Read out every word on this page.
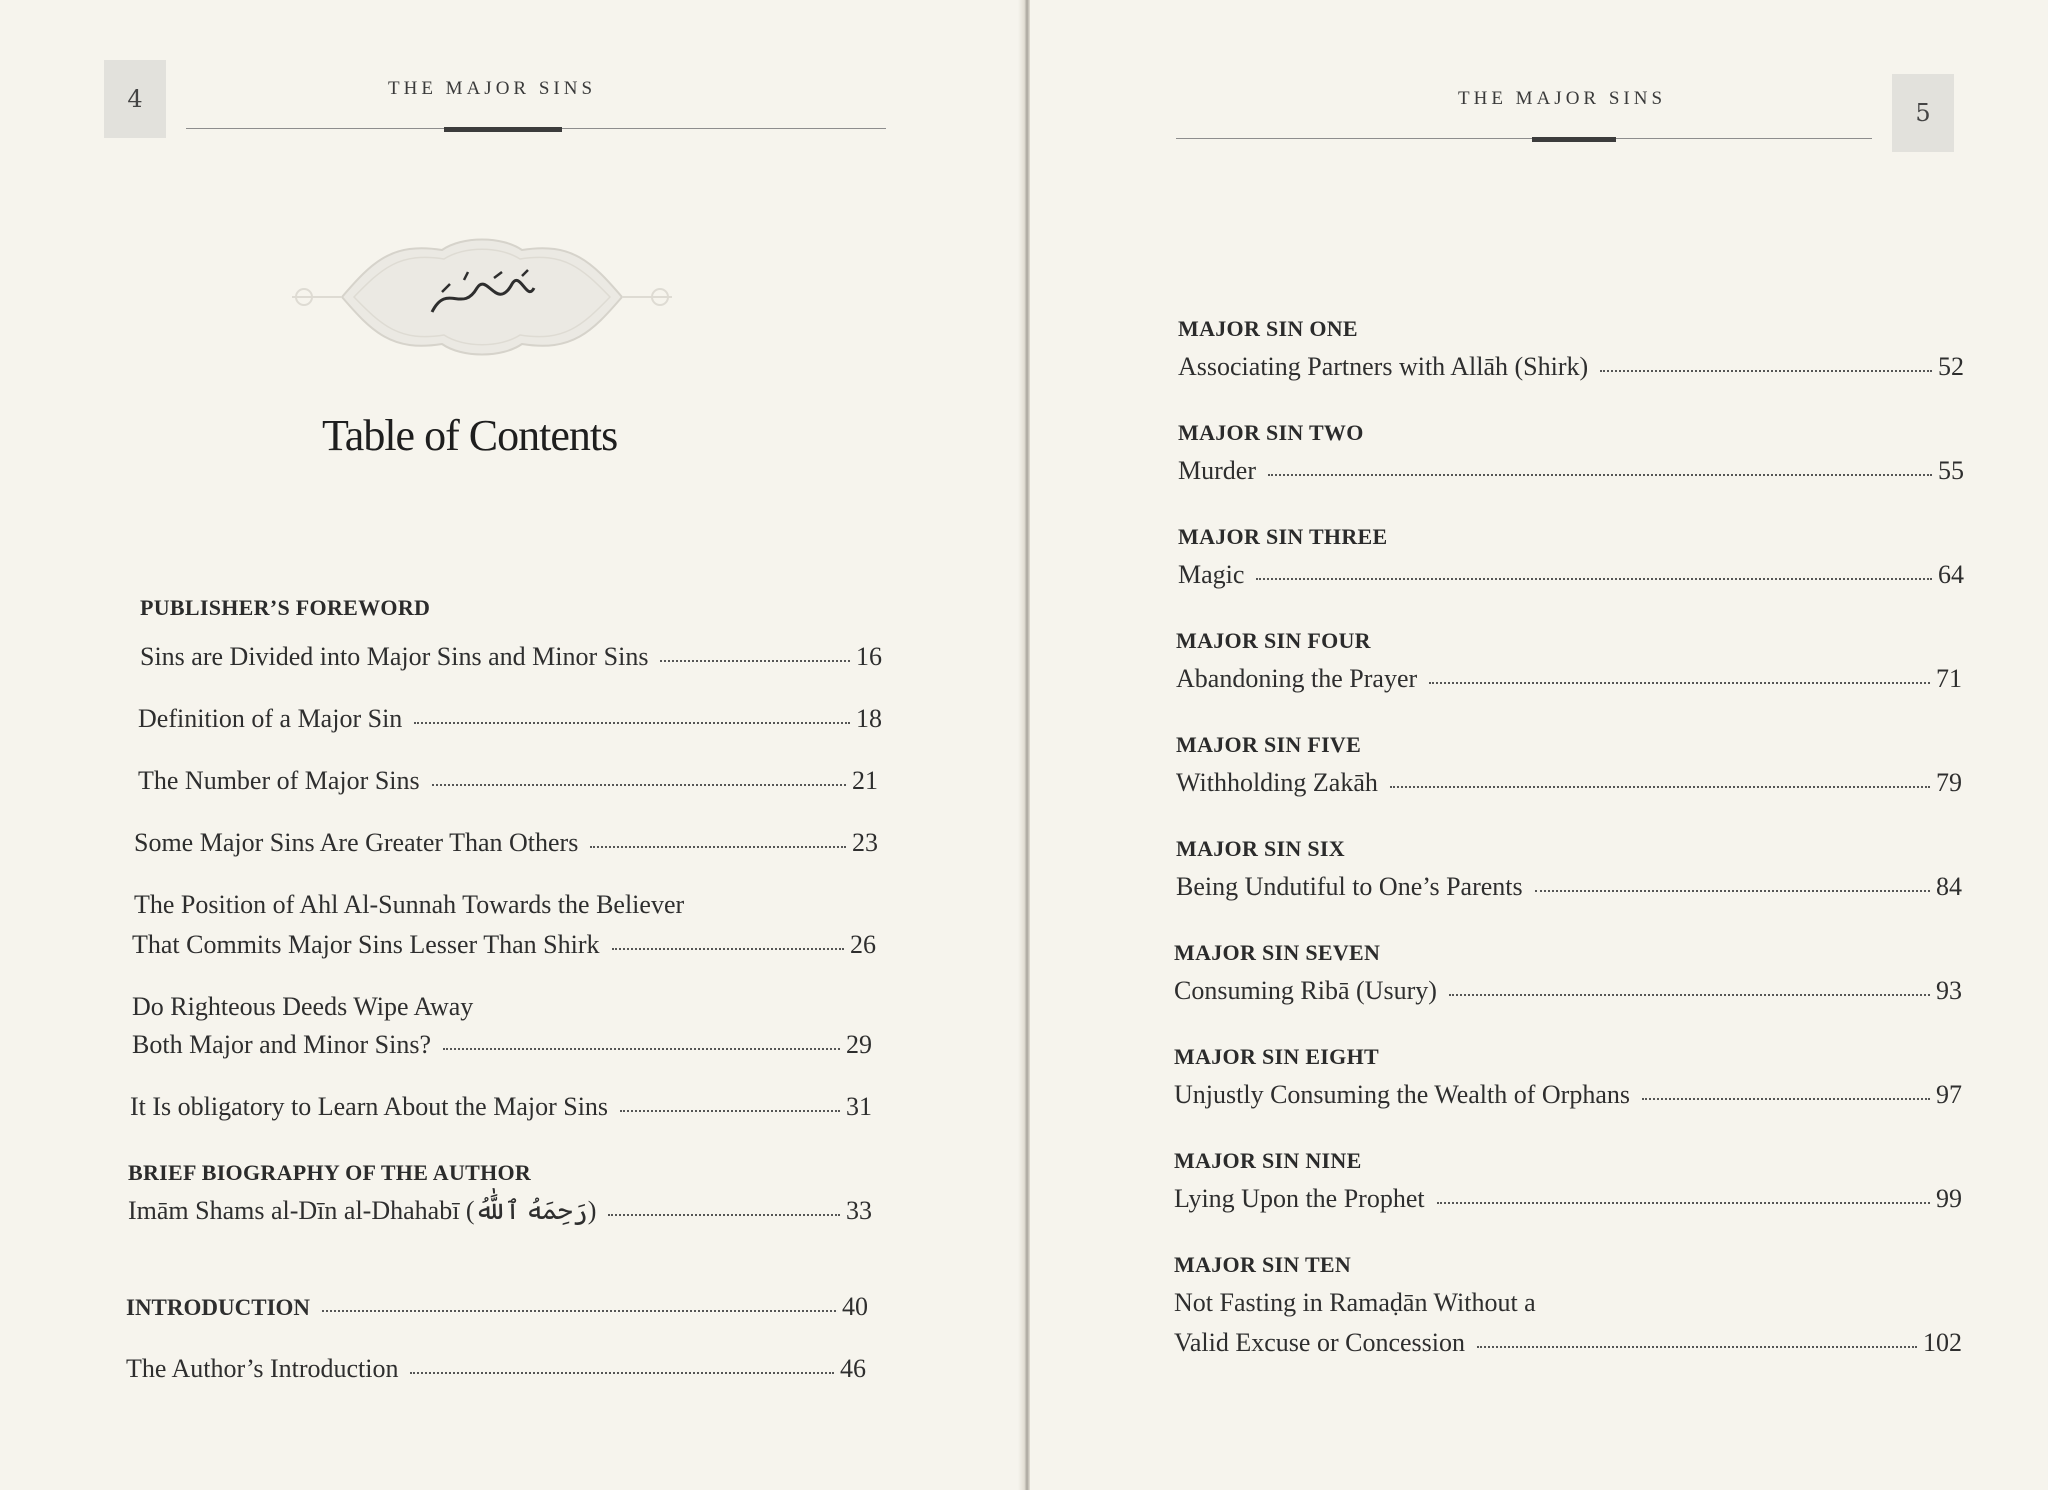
4	THE MAJOR SINS
Table of Contents
PUBLISHER’S FOREWORD
Sins are Divided into Major Sins and Minor Sins	16
Definition of a Major Sin	18
The Number of Major Sins	21
Some Major Sins Are Greater Than Others	23
The Position of Ahl Al-Sunnah Towards the Believer
That Commits Major Sins Lesser Than Shirk	26
Do Righteous Deeds Wipe Away
Both Major and Minor Sins?	29
It Is obligatory to Learn About the Major Sins	31
BRIEF BIOGRAPHY OF THE AUTHOR
Imām Shams al-Dīn al-Dhahabī (رَحِمَهُ ٱللَّٰهُ)	33
INTRODUCTION	40
The Author’s Introduction	46
THE MAJOR SINS
5
MAJOR SIN ONE
Associating Partners with Allāh (Shirk)	52
MAJOR SIN TWO
Murder	55
MAJOR SIN THREE
Magic	64
MAJOR SIN FOUR
Abandoning the Prayer	71
MAJOR SIN FIVE
Withholding Zakāh	79
MAJOR SIN SIX
Being Undutiful to One’s Parents	84
MAJOR SIN SEVEN
Consuming Ribā (Usury)	93
MAJOR SIN EIGHT
Unjustly Consuming the Wealth of Orphans	97
MAJOR SIN NINE
Lying Upon the Prophet	99
MAJOR SIN TEN
Not Fasting in Ramaḍān Without a
Valid Excuse or Concession	102
